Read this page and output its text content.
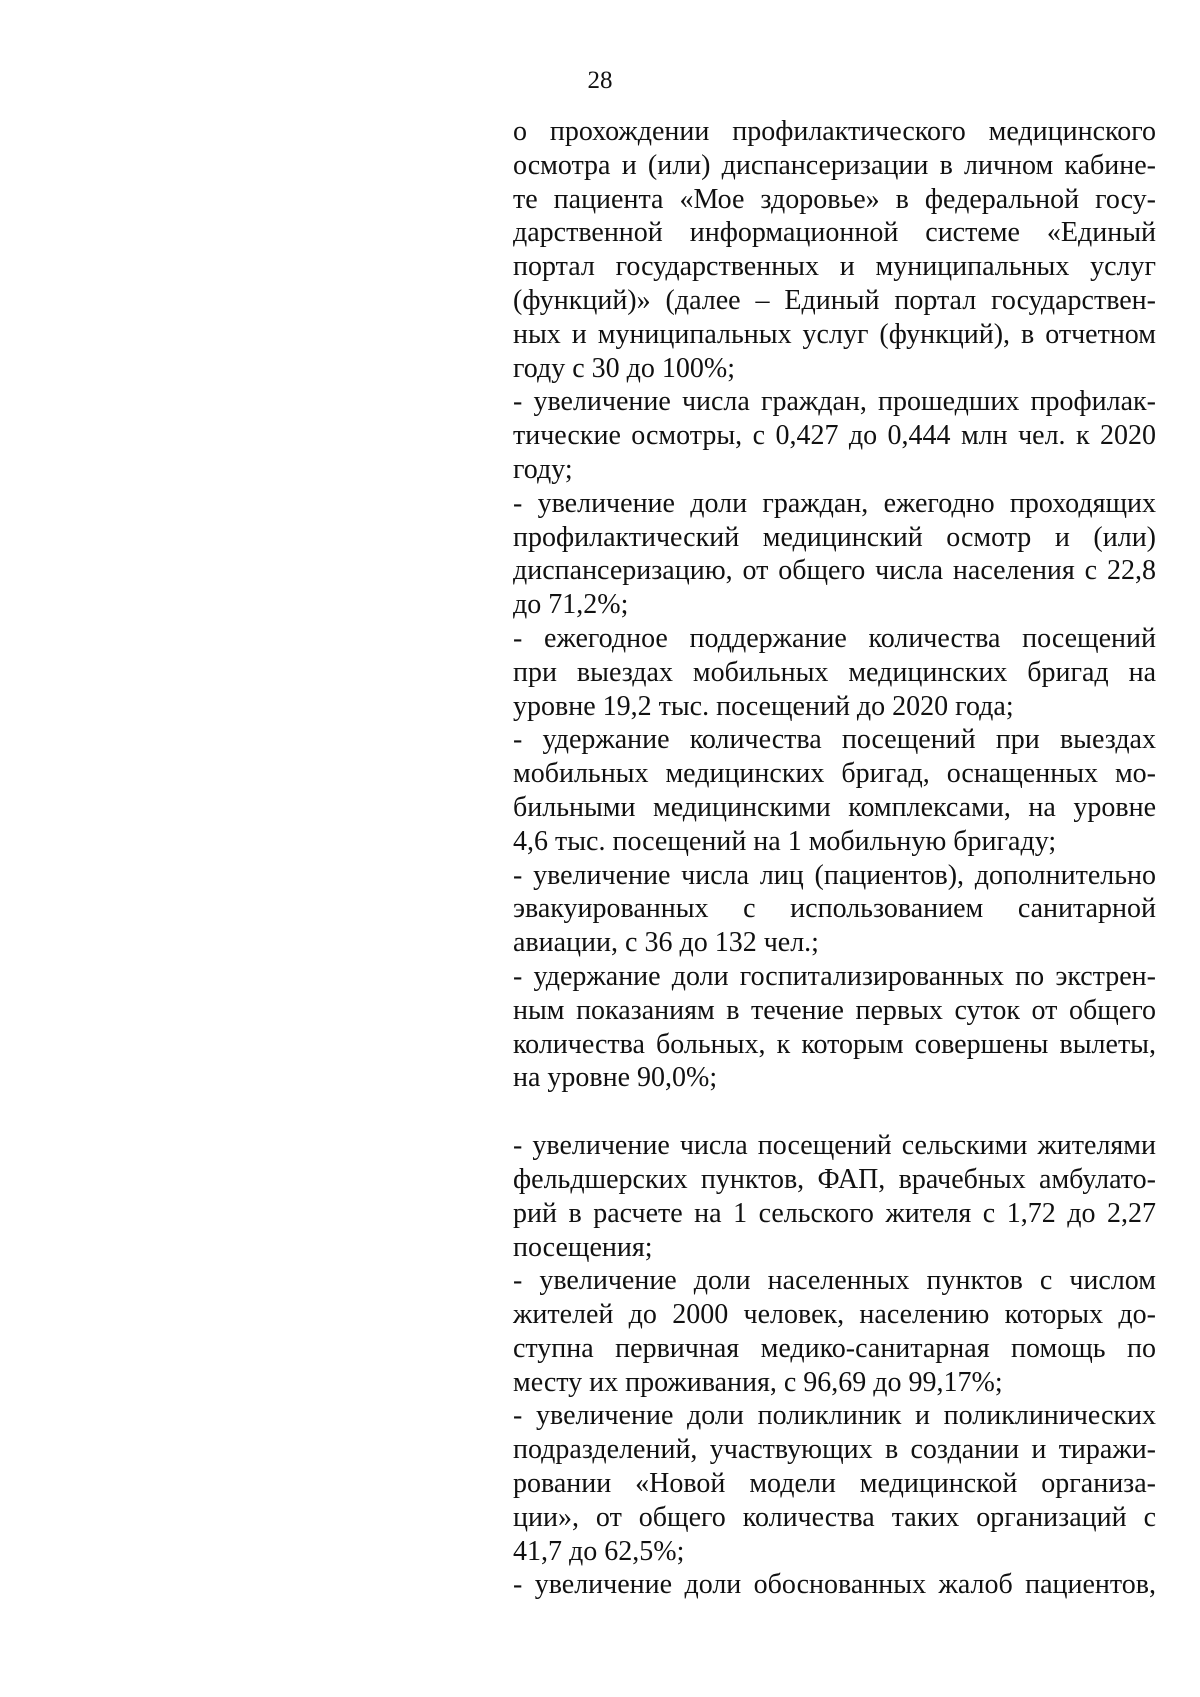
28
о прохождении профилактического медицинского
осмотра и (или) диспансеризации в личном кабине-
те пациента «Мое здоровье» в федеральной госу-
дарственной информационной системе «Единый
портал государственных и муниципальных услуг
(функций)» (далее – Единый портал государствен-
ных и муниципальных услуг (функций), в отчетном
году с 30 до 100%;
- увеличение числа граждан, прошедших профилак-
тические осмотры, с 0,427 до 0,444 млн чел. к 2020
году;
- увеличение доли граждан, ежегодно проходящих
профилактический медицинский осмотр и (или)
диспансеризацию, от общего числа населения с 22,8
до 71,2%;
- ежегодное поддержание количества посещений
при выездах мобильных медицинских бригад на
уровне 19,2 тыс. посещений до 2020 года;
- удержание количества посещений при выездах
мобильных медицинских бригад, оснащенных мо-
бильными медицинскими комплексами, на уровне
4,6 тыс. посещений на 1 мобильную бригаду;
- увеличение числа лиц (пациентов), дополнительно
эвакуированных с использованием санитарной
авиации, с 36 до 132 чел.;
- удержание доли госпитализированных по экстрен-
ным показаниям в течение первых суток от общего
количества больных, к которым совершены вылеты,
на уровне 90,0%;
- увеличение числа посещений сельскими жителями
фельдшерских пунктов, ФАП, врачебных амбулато-
рий в расчете на 1 сельского жителя с 1,72 до 2,27
посещения;
- увеличение доли населенных пунктов с числом
жителей до 2000 человек, населению которых до-
ступна первичная медико-санитарная помощь по
месту их проживания, с 96,69 до 99,17%;
- увеличение доли поликлиник и поликлинических
подразделений, участвующих в создании и тиражи-
ровании «Новой модели медицинской организа-
ции», от общего количества таких организаций с
41,7 до 62,5%;
- увеличение доли обоснованных жалоб пациентов,
